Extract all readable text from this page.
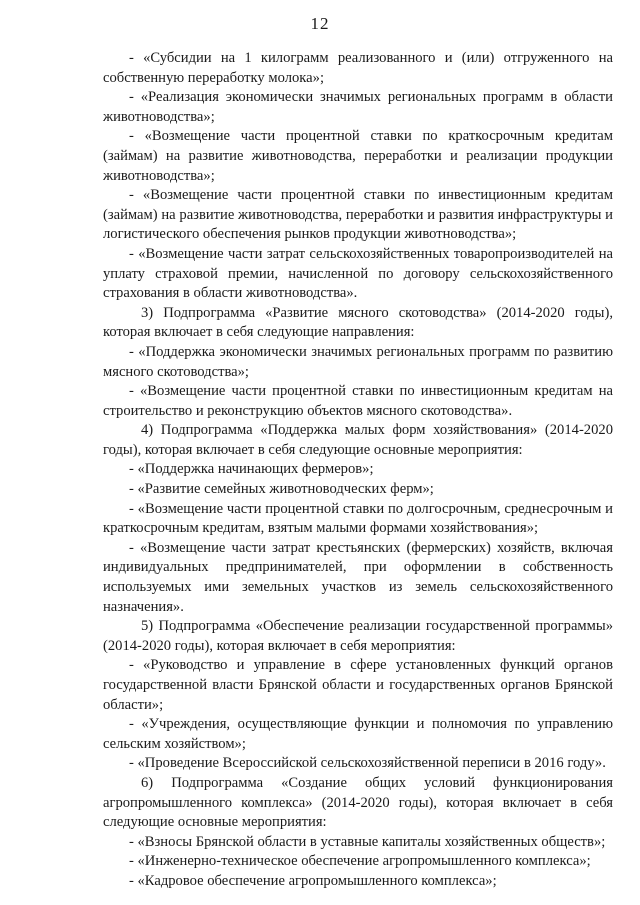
12

- «Субсидии на 1 килограмм реализованного и (или) отгруженного на собственную переработку молока»;

- «Реализация экономически значимых региональных программ в области животноводства»;

- «Возмещение части процентной ставки по краткосрочным кредитам (займам) на развитие животноводства, переработки и реализации продукции животноводства»;

- «Возмещение части процентной ставки по инвестиционным кредитам (займам) на развитие животноводства, переработки и развития инфраструктуры и логистического обеспечения рынков продукции животноводства»;

- «Возмещение части затрат сельскохозяйственных товаропроизводителей на уплату страховой премии, начисленной по договору сельскохозяйственного страхования в области животноводства».

3) Подпрограмма «Развитие мясного скотоводства» (2014-2020 годы), которая включает в себя следующие направления:

- «Поддержка экономически значимых региональных программ по развитию мясного скотоводства»;

- «Возмещение части процентной ставки по инвестиционным кредитам на строительство и реконструкцию объектов мясного скотоводства».

4) Подпрограмма «Поддержка малых форм хозяйствования» (2014-2020 годы), которая включает в себя следующие основные мероприятия:

- «Поддержка начинающих фермеров»;

- «Развитие семейных животноводческих ферм»;

- «Возмещение части процентной ставки по долгосрочным, среднесрочным и краткосрочным кредитам, взятым малыми формами хозяйствования»;

- «Возмещение части затрат крестьянских (фермерских) хозяйств, включая индивидуальных предпринимателей, при оформлении в собственность используемых ими земельных участков из земель сельскохозяйственного назначения».

5) Подпрограмма «Обеспечение реализации государственной программы» (2014-2020 годы), которая включает в себя мероприятия:

- «Руководство и управление в сфере установленных функций органов государственной власти Брянской области и государственных органов Брянской области»;

- «Учреждения, осуществляющие функции и полномочия по управлению сельским хозяйством»;

- «Проведение Всероссийской сельскохозяйственной переписи в 2016 году».

6) Подпрограмма «Создание общих условий функционирования агропромышленного комплекса» (2014-2020 годы), которая включает в себя следующие основные мероприятия:

- «Взносы Брянской области в уставные капиталы хозяйственных обществ»;

- «Инженерно-техническое обеспечение агропромышленного комплекса»;

- «Кадровое обеспечение агропромышленного комплекса»;
